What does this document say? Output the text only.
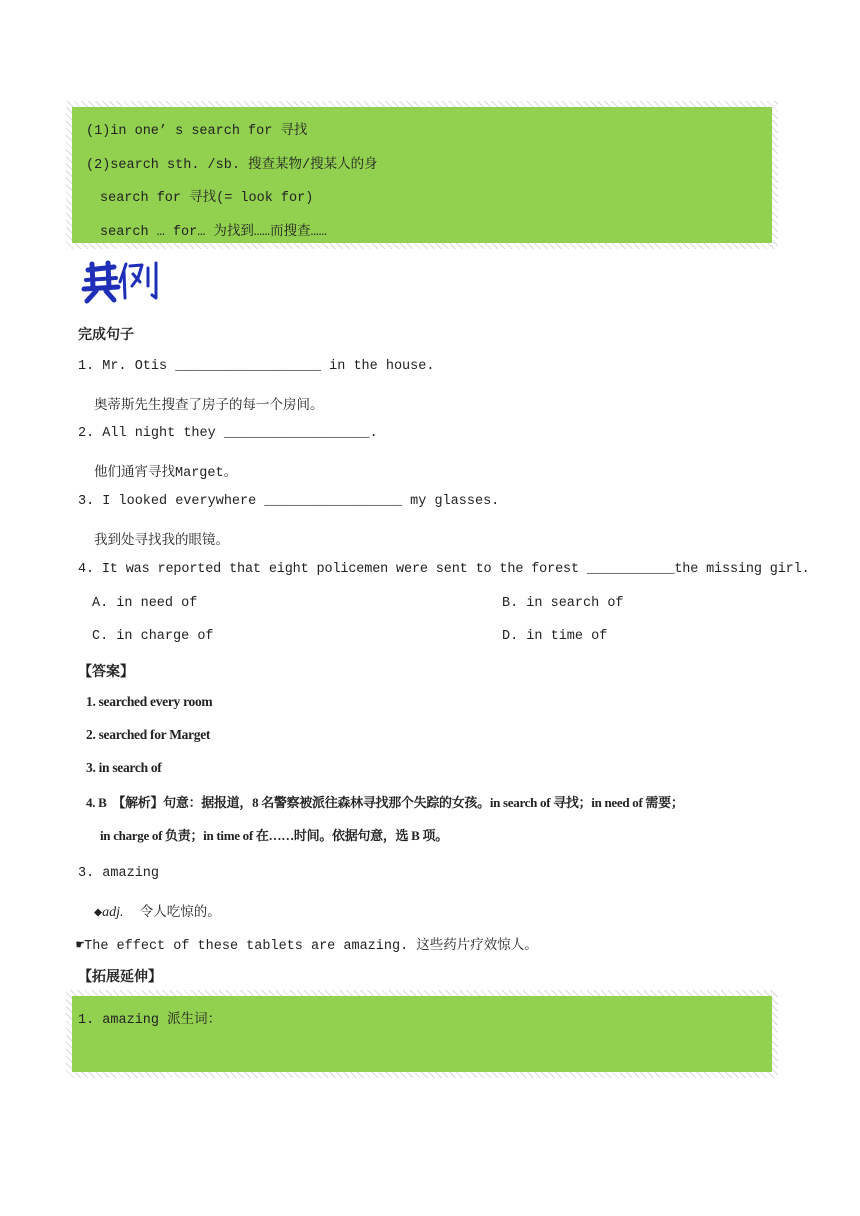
(1)in one’ s search for 寻找
(2)search sth. /sb. 搜查某物/搜某人的身
search for 寻找(= look for)
search … for… 为找到……而搜查……
完成句子
1. Mr. Otis __________________ in the house.
奥蒂斯先生搜查了房子的每一个房间。
2. All night they __________________.
他们通宵寻找Marget。
3. I looked everywhere _________________ my glasses.
我到处寻找我的眼镜。
4. It was reported that eight policemen were sent to the forest ___________the missing girl.
A. in need of	B. in search of
C. in charge of	D. in time of
【答案】
1. searched every room
2. searched for Marget
3. in search of
4. B  【解析】句意：据报道，8 名警察被派往森林寻找那个失踪的女孩。in search of 寻找；in need of 需要；
in charge of 负责；in time of 在……时间。依据句意，选 B 项。
3. amazing
◆adj. 令人吃惊的。
☛The effect of these tablets are amazing. 这些药片疗效惊人。
【拓展延伸】
1. amazing 派生词：
